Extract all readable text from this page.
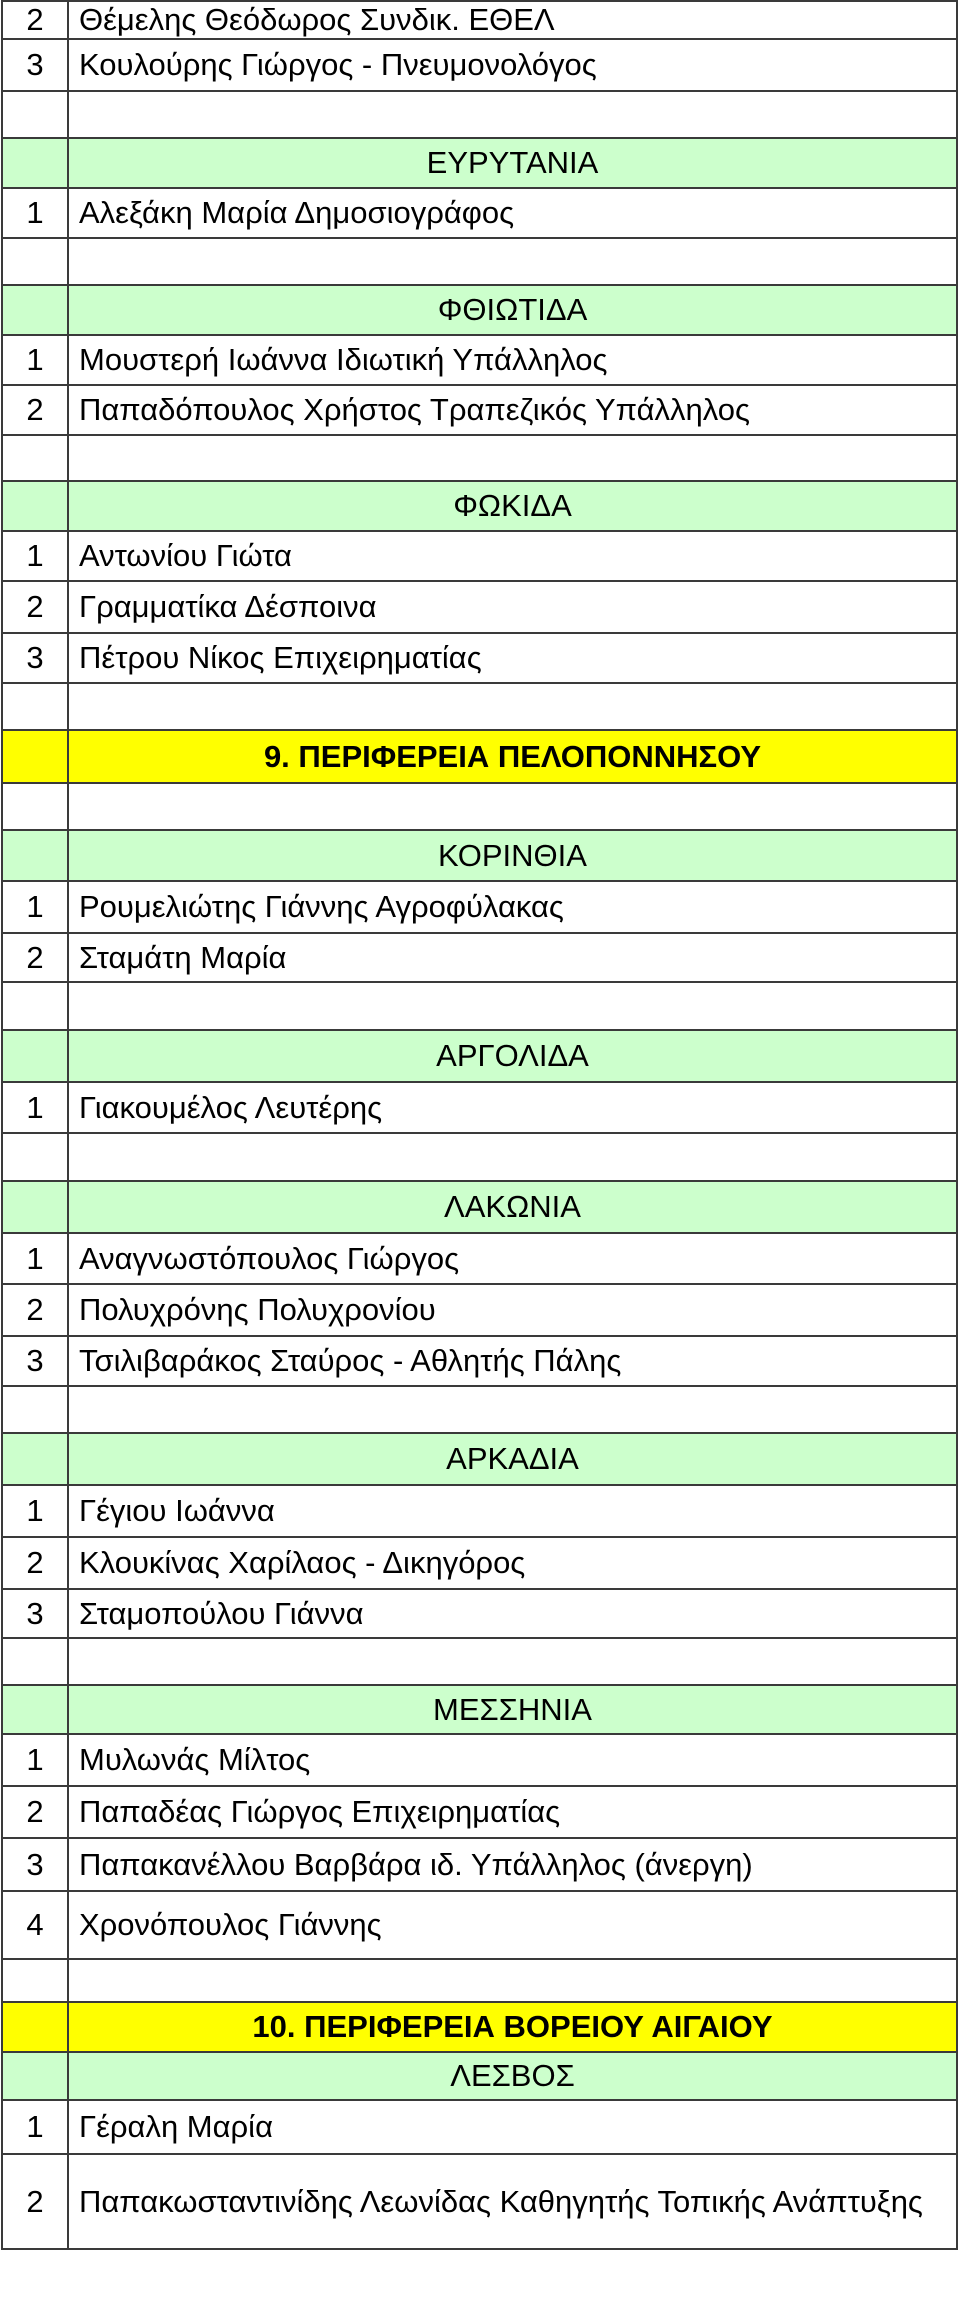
2	Θέμελης Θεόδωρος Συνδικ. ΕΘΕΛ
3	Κουλούρης Γιώργος - Πνευμονολόγος

	ΕΥΡΥΤΑΝΙΑ
1	Αλεξάκη Μαρία Δημοσιογράφος

	ΦΘΙΩΤΙΔΑ
1	Μουστερή Ιωάννα Ιδιωτική Υπάλληλος
2	Παπαδόπουλος Χρήστος Τραπεζικός Υπάλληλος

	ΦΩΚΙΔΑ
1	Αντωνίου Γιώτα
2	Γραμματίκα Δέσποινα
3	Πέτρου Νίκος Επιχειρηματίας

	9. ΠΕΡΙΦΕΡΕΙΑ ΠΕΛΟΠΟΝΝΗΣΟΥ

	ΚΟΡΙΝΘΙΑ
1	Ρουμελιώτης Γιάννης Αγροφύλακας
2	Σταμάτη Μαρία

	ΑΡΓΟΛΙΔΑ
1	Γιακουμέλος Λευτέρης

	ΛΑΚΩΝΙΑ
1	Αναγνωστόπουλος Γιώργος
2	Πολυχρόνης Πολυχρονίου
3	Τσιλιβαράκος Σταύρος - Αθλητής Πάλης

	ΑΡΚΑΔΙΑ
1	Γέγιου Ιωάννα
2	Κλουκίνας Χαρίλαος - Δικηγόρος
3	Σταμοπούλου Γιάννα

	ΜΕΣΣΗΝΙΑ
1	Μυλωνάς Μίλτος
2	Παπαδέας Γιώργος Επιχειρηματίας
3	Παπακανέλλου Βαρβάρα ιδ. Υπάλληλος (άνεργη)
4	Χρονόπουλος Γιάννης

	10. ΠΕΡΙΦΕΡΕΙΑ ΒΟΡΕΙΟΥ ΑΙΓΑΙΟΥ
	ΛΕΣΒΟΣ
1	Γέραλη Μαρία
2	Παπακωσταντινίδης Λεωνίδας Καθηγητής Τοπικής Ανάπτυξης
